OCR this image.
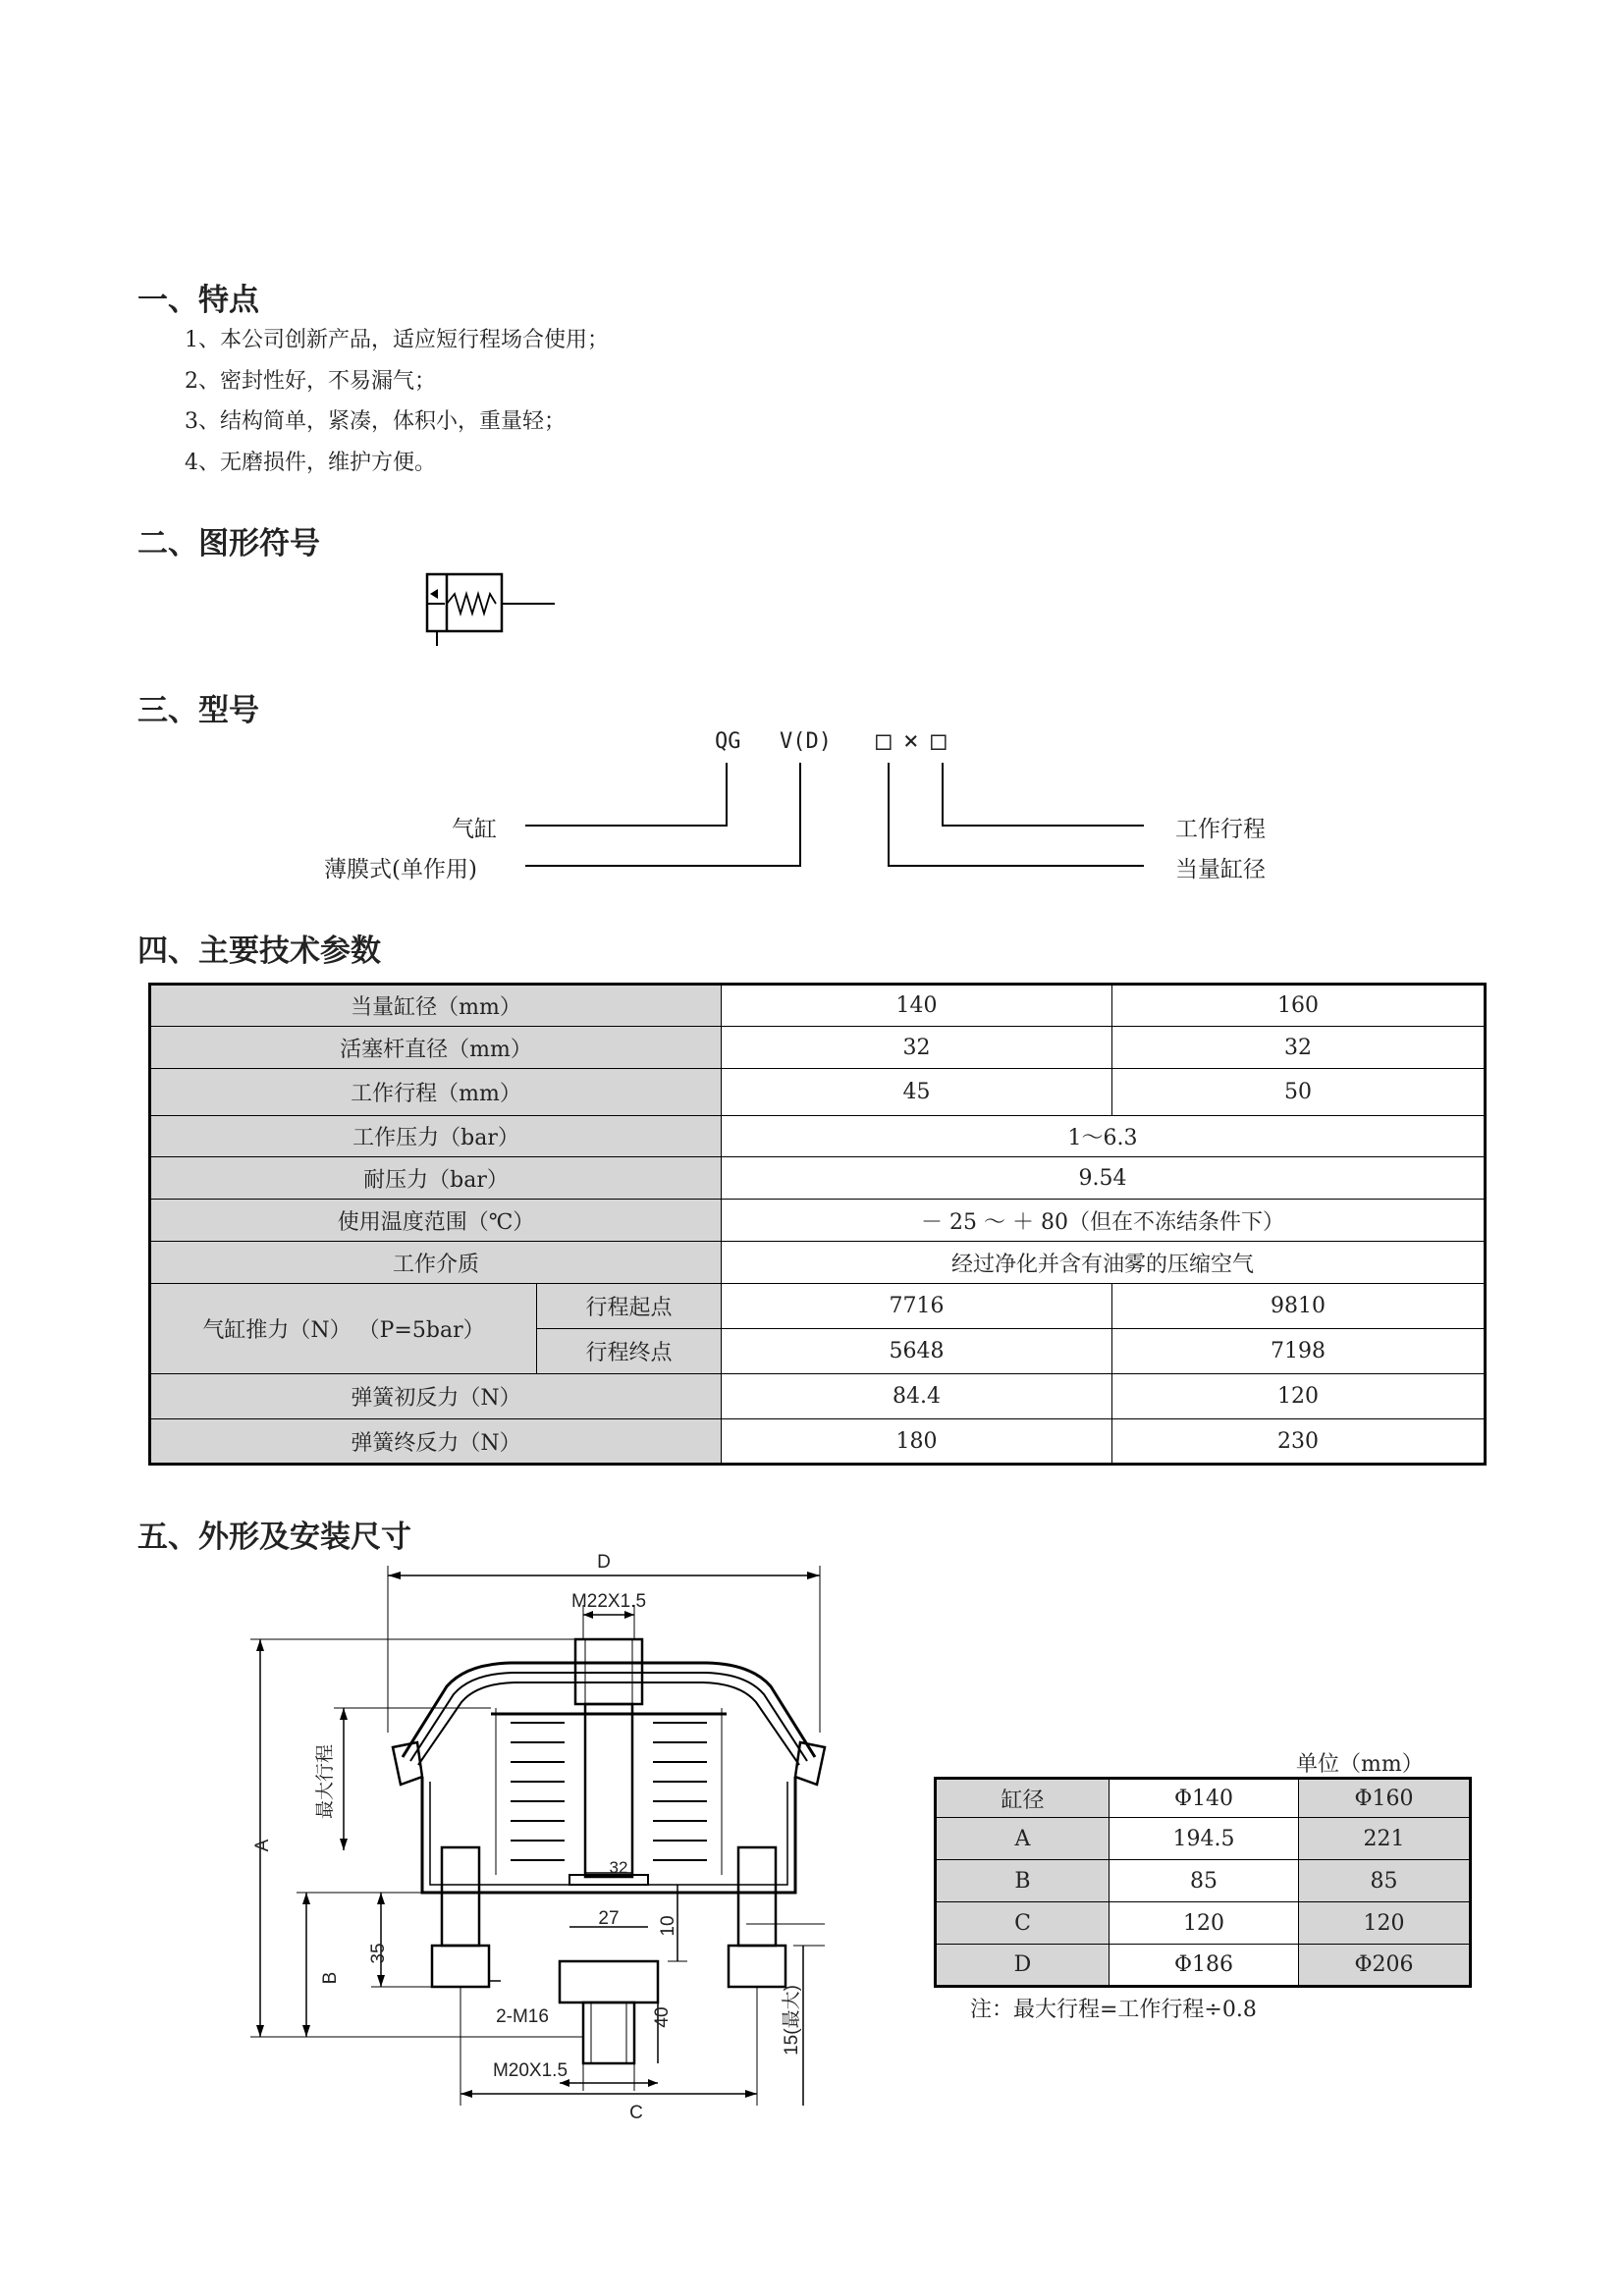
一、特点
1、本公司创新产品，适应短行程场合使用；
2、密封性好，不易漏气；
3、结构简单，紧凑，体积小，重量轻；
4、无磨损件，维护方便。
二、图形符号
三、型号
QG V(D) □ × □
气缸
薄膜式(单作用)
工作行程
当量缸径
四、主要技术参数
当量缸径（mm）		140	160
活塞杆直径（mm）		32	32
工作行程（mm）		45	50
工作压力（bar）		1～6.3	
耐压力（bar）		9.54	
使用温度范围（℃）		－ 25 ～ ＋ 80（但在不冻结条件下）	
工作介质		经过净化并含有油雾的压缩空气	
气缸推力（N） （P=5bar）	行程起点	7716	9810
	行程终点	5648	7198
弹簧初反力（N）		84.4	120
弹簧终反力（N）		180	230
五、外形及安装尺寸
D
M22X1.5
32
27
2-M16
M20X1.5
C
A
最大行程
B
35
10
40	15(最大)
单位（mm）
缸径	Φ140	Φ160
A	194.5	221
B	85	85
C	120	120
D	Φ186	Φ206
注：最大行程=工作行程÷0.8
